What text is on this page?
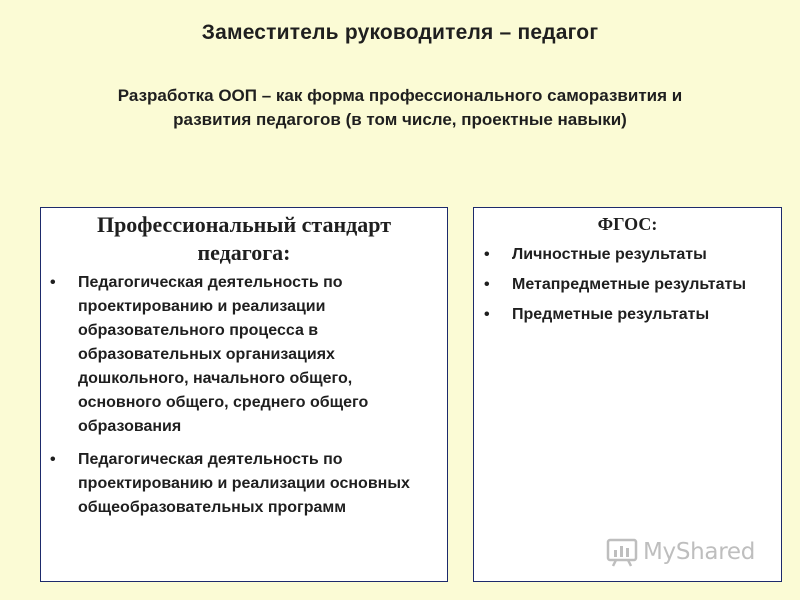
Заместитель руководителя – педагог
Разработка ООП – как форма профессионального саморазвития и
развития педагогов (в том числе, проектные навыки)
Профессиональный стандарт
педагога:
• Педагогическая деятельность по проектированию и реализации образовательного процесса в образовательных организациях дошкольного, начального общего, основного общего, среднего общего образования
• Педагогическая деятельность по проектированию и реализации основных общеобразовательных программ
ФГОС:
• Личностные результаты
• Метапредметные результаты
• Предметные результаты
MyShared
